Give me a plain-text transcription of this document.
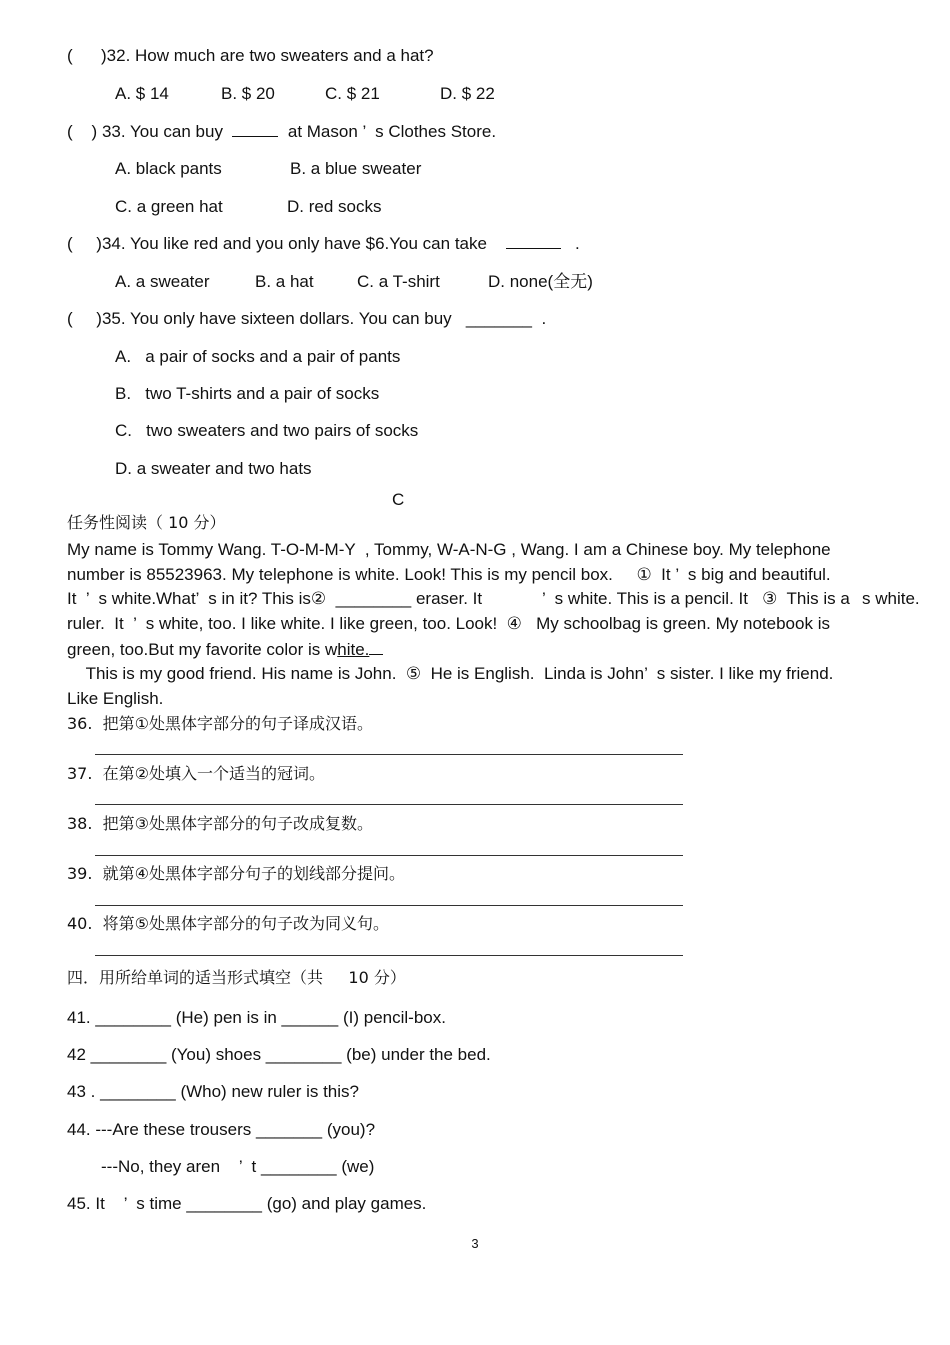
(      )32. How much are two sweaters and a hat?
A. $ 14	B. $ 20	C. $ 21	D. $ 22
(    ) 33. You can buy	at Mason ’  s Clothes Store.
A. black pants	B. a blue sweater
C. a green hat	D. red socks
(     )34. You like red and you only have $6.You can take	.
A. a sweater	B. a hat	C. a T-shirt	D. none(全无)
(     )35. You only have sixteen dollars. You can buy   _______  .
A.   a pair of socks and a pair of pants
B.   two T-shirts and a pair of socks
C.   two sweaters and two pairs of socks
D. a sweater and two hats
C
任务性阅读（ 10 分）
My name is Tommy Wang. T-O-M-M-Y  , Tommy, W-A-N-G , Wang. I am a Chinese boy. My telephone
number is 85523963. My telephone is white. Look! This is my pencil box.     ①  It ’  s big and beautiful.
It  ’  s white. What’  s in it? This is②  ________ eraser. It	’  s white. This is a pencil. It   ③  This is a s white.
ruler.  It  ’  s white, too. I like white. I like green, too. Look!  ④   My schoolbag is green. My notebook is
green, too.But my favorite color is white.
This is my good friend. His name is John.  ⑤  He is English.  Linda is John’  s sister. I like my friend.
Like English.
36.  把第①处黑体字部分的句子译成汉语。
37.  在第②处填入一个适当的冠词。
38.  把第③处黑体字部分的句子改成复数。
39.  就第④处黑体字部分句子的划线部分提问。
40.  将第⑤处黑体字部分的句子改为同义句。
四．用所给单词的适当形式填空（共     10 分）
41. ________ (He) pen is in ______ (I) pencil-box.
42 ________ (You) shoes ________ (be) under the bed.
43 . ________ (Who) new ruler is this?
44. ---Are these trousers _______ (you)?
---No, they aren    ’  t ________ (we)
45. It    ’  s time ________ (go) and play games.
3
